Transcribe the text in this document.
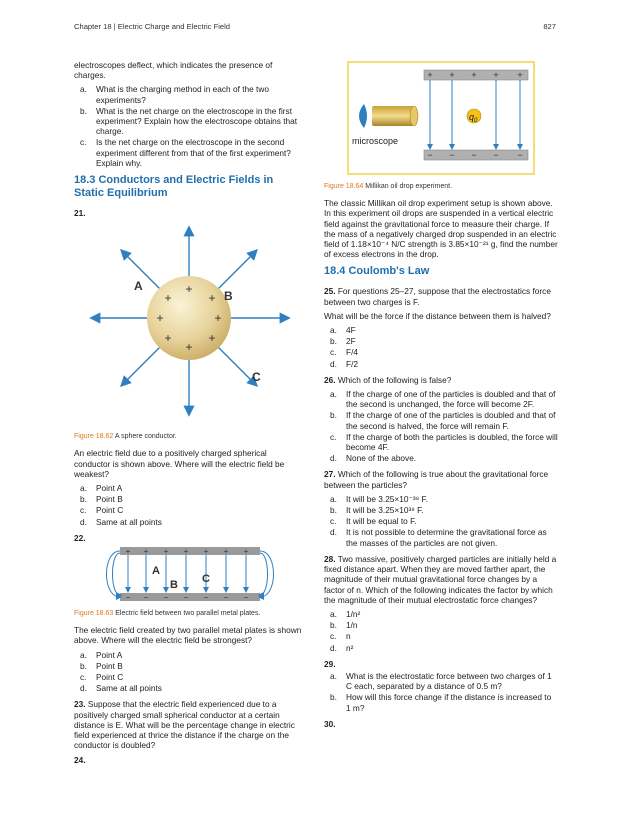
Chapter 18 | Electric Charge and Electric Field	827

electroscopes deflect, which indicates the presence of charges.

a. What is the charging method in each of the two experiments?
b. What is the net charge on the electroscope in the first experiment? Explain how the electroscope obtains that charge.
c. Is the net charge on the electroscope in the second experiment different from that of the first experiment? Explain why.
18.3 Conductors and Electric Fields in Static Equilibrium
21.
+
+	+
+	+
+	+
+
A
B
C
Figure 18.62 A sphere conductor.

An electric field due to a positively charged spherical conductor is shown above. Where will the electric field be weakest?

a. Point A
b. Point B
c. Point C
d. Same at all points
22.
+ + + + + + +
− − − − − − −
A
B C
Figure 18.63 Electric field between two parallel metal plates.

The electric field created by two parallel metal plates is shown above. Where will the electric field be strongest?

a. Point A
b. Point B
c. Point C
d. Same at all points

23. Suppose that the electric field experienced due to a positively charged small spherical conductor at a certain distance is E. What will be the percentage change in electric field experienced at thrice the distance if the charge on the conductor is doubled?

24.
+ + + + +
− − − − −
$q_0$
microscope
Figure 18.64 Millikan oil drop experiment.

The classic Millikan oil drop experiment setup is shown above. In this experiment oil drops are suspended in a vertical electric field against the gravitational force to measure their charge. If the mass of a negatively charged drop suspended in an electric field of 1.18×10⁻⁴ N/C strength is 3.85×10⁻²¹ g, find the number of excess electrons in the drop.

18.4 Coulomb's Law

25. For questions 25–27, suppose that the electrostatics force between two charges is F.

What will be the force if the distance between them is halved?

a. 4F
b. 2F
c. F/4
d. F/2

26. Which of the following is false?

a. If the charge of one of the particles is doubled and that of the second is unchanged, the force will become 2F.
b. If the charge of one of the particles is doubled and that of the second is halved, the force will remain F.
c. If the charge of both the particles is doubled, the force will become 4F.
d. None of the above.

27. Which of the following is true about the gravitational force between the particles?

a. It will be 3.25×10⁻³⁸ F.
b. It will be 3.25×10³⁸ F.
c. It will be equal to F.
d. It is not possible to determine the gravitational force as the masses of the particles are not given.

28. Two massive, positively charged particles are initially held a fixed distance apart. When they are moved farther apart, the magnitude of their mutual gravitational force changes by a factor of n. Which of the following indicates the factor by which the magnitude of their mutual electrostatic force changes?

a. 1/n²
b. 1/n
c. n
d. n²
29.
a. What is the electrostatic force between two charges of 1 C each, separated by a distance of 0.5 m?
b. How will this force change if the distance is increased to 1 m?
30.
